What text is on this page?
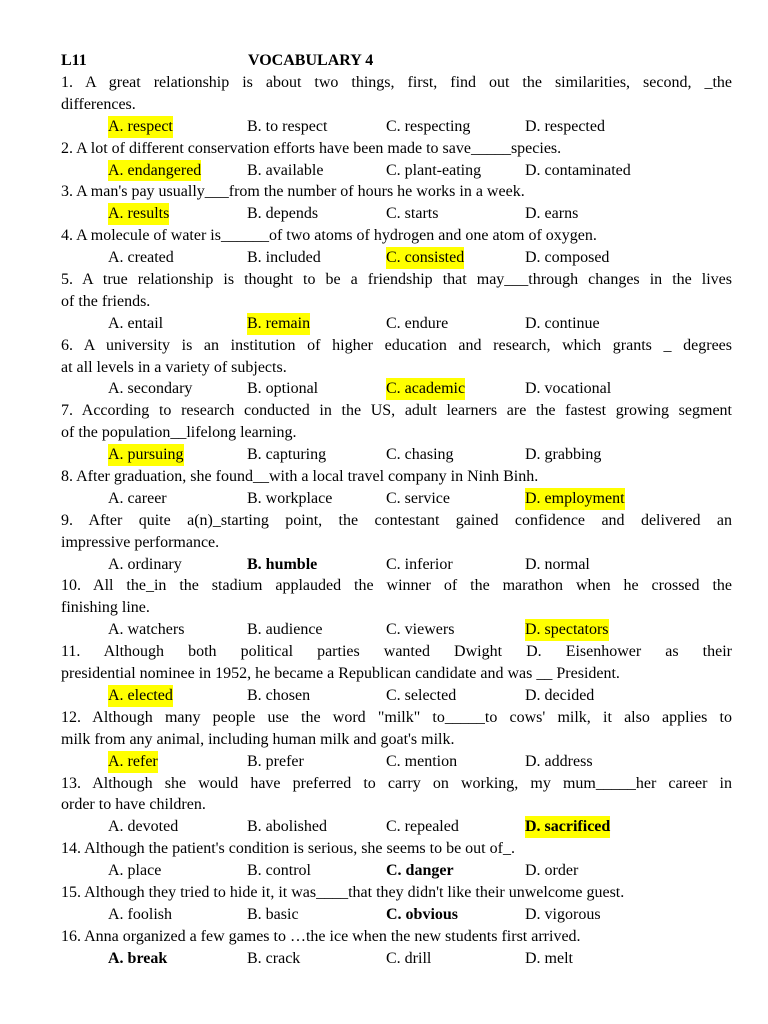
L11	VOCABULARY 4
1. A great relationship is about two things, first, find out the similarities, second, _the
differences.
A. respect	B. to respect	C. respecting	D. respected
2. A lot of different conservation efforts have been made to save_____species.
A. endangered	B. available	C. plant-eating	D. contaminated
3. A man's pay usually___from the number of hours he works in a week.
A. results	B. depends	C. starts	D. earns
4. A molecule of water is______of two atoms of hydrogen and one atom of oxygen.
A. created	B. included	C. consisted	D. composed
5. A true relationship is thought to be a friendship that may___through changes in the lives
of the friends.
A. entail	B. remain	C. endure	D. continue
6. A university is an institution of higher education and research, which grants _ degrees
at all levels in a variety of subjects.
A. secondary	B. optional	C. academic	D. vocational
7. According to research conducted in the US, adult learners are the fastest growing segment
of the population__lifelong learning.
A. pursuing	B. capturing	C. chasing	D. grabbing
8. After graduation, she found__with a local travel company in Ninh Binh.
A. career	B. workplace	C. service	D. employment
9. After quite a(n)_starting point, the contestant gained confidence and delivered an
impressive performance.
A. ordinary	B. humble	C. inferior	D. normal
10. All the_in the stadium applauded the winner of the marathon when he crossed the
finishing line.
A. watchers	B. audience	C. viewers	D. spectators
11. Although both political parties wanted Dwight D. Eisenhower as their
presidential nominee in 1952, he became a Republican candidate and was __ President.
A. elected	B. chosen	C. selected	D. decided
12. Although many people use the word "milk" to_____to cows' milk, it also applies to
milk from any animal, including human milk and goat's milk.
A. refer	B. prefer	C. mention	D. address
13. Although she would have preferred to carry on working, my mum_____her career in
order to have children.
A. devoted	B. abolished	C. repealed	D. sacrificed
14. Although the patient's condition is serious, she seems to be out of_.
A. place	B. control	C. danger	D. order
15. Although they tried to hide it, it was____that they didn't like their unwelcome guest.
A. foolish	B. basic	C. obvious	D. vigorous
16. Anna organized a few games to …the ice when the new students first arrived.
A. break	B. crack	C. drill	D. melt
